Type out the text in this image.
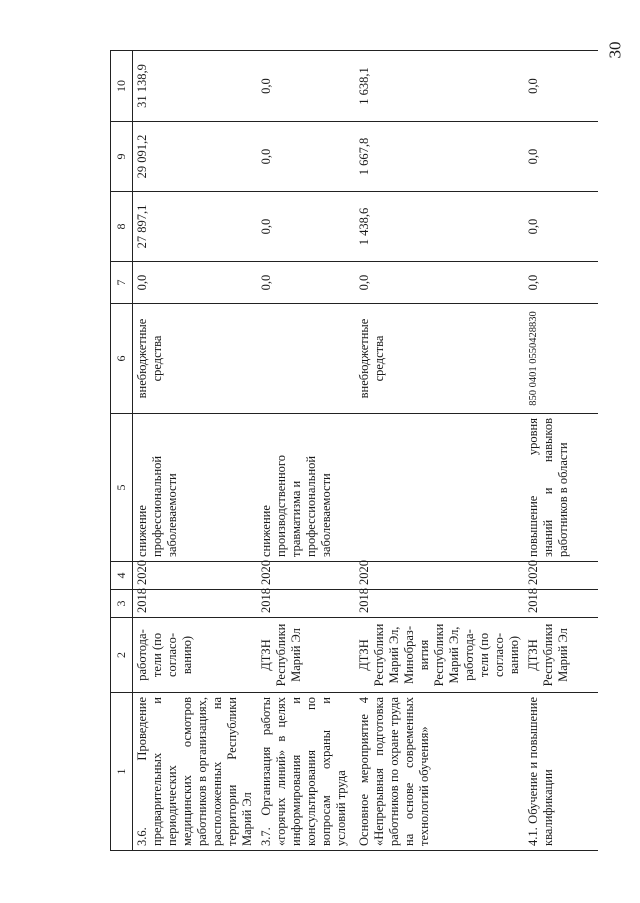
30
1	2	3	4	5	6	7	8	9	10
3.6. Проведение предварительных и периодических медицинских осмотров работников в организациях, расположенных на территории Республики Марий Эл	работода-тели (по согласо-ванию)	2018	2020	снижение профессиональной заболеваемости	внебюджетные средства	0,0	27 897,1	29 091,2	31 138,9
3.7. Организация работы «горячих линий» в целях информирования и консультирования по вопросам охраны и условий труда	ДТЗН Республики Марий Эл	2018	2020	снижение производственного травматизма и профессиональной заболеваемости		0,0	0,0	0,0	0,0
Основное мероприятие 4 «Непрерывная подготовка работников по охране труда на основе современных технологий обучения»	ДТЗН Республики Марий Эл, Минобраз-вития Республики Марий Эл, работода-тели (по согласо-ванию)	2018	2020		внебюджетные средства	0,0	1 438,6	1 667,8	1 638,1
4.1. Обучение и повышение квалификации	ДТЗН Республики Марий Эл	2018	2020	повышение уровня знаний и навыков работников в области	850 0401 0550428830	0,0	0,0	0,0	0,0
